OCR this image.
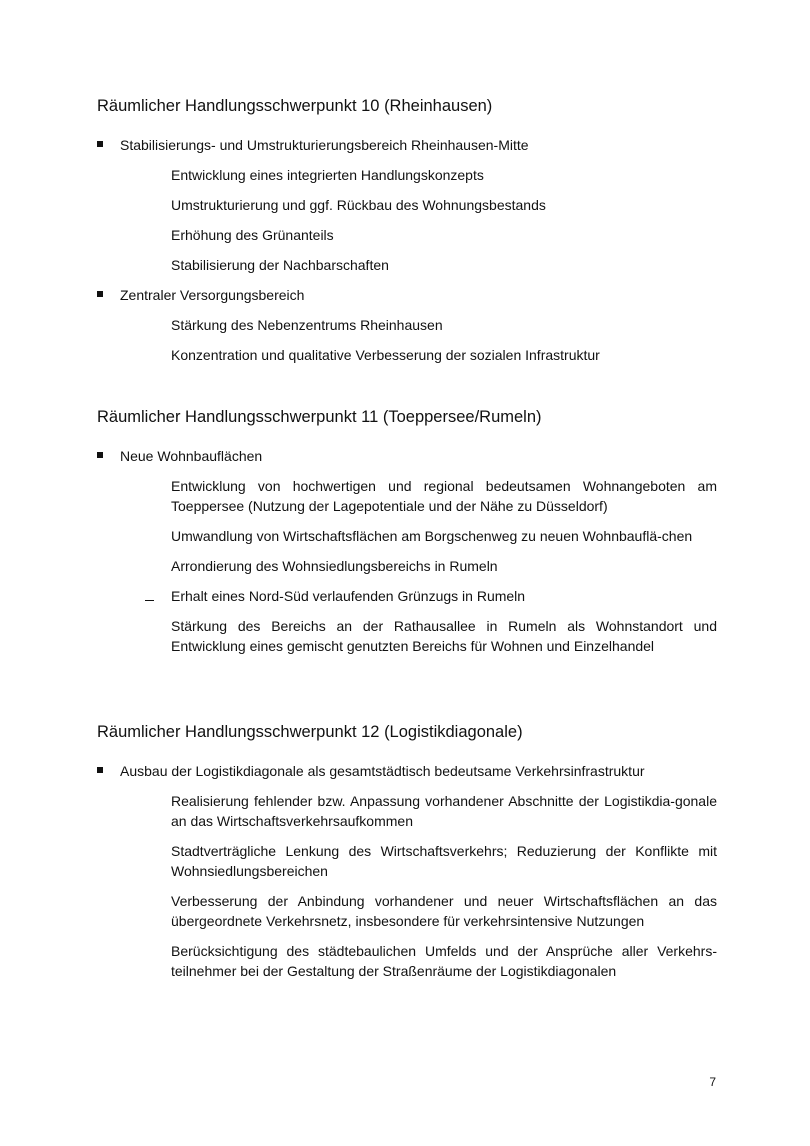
Räumlicher Handlungsschwerpunkt 10 (Rheinhausen)
Stabilisierungs- und Umstrukturierungsbereich Rheinhausen-Mitte
Entwicklung eines integrierten Handlungskonzepts
Umstrukturierung und ggf. Rückbau des Wohnungsbestands
Erhöhung des Grünanteils
Stabilisierung der Nachbarschaften
Zentraler Versorgungsbereich
Stärkung des Nebenzentrums Rheinhausen
Konzentration und qualitative Verbesserung der sozialen Infrastruktur
Räumlicher Handlungsschwerpunkt 11 (Toeppersee/Rumeln)
Neue Wohnbauflächen
Entwicklung von hochwertigen und regional bedeutsamen Wohnangeboten am Toeppersee (Nutzung der Lagepotentiale und der Nähe zu Düsseldorf)
Umwandlung von Wirtschaftsflächen am Borgschenweg zu neuen Wohnbauflä-chen
Arrondierung des Wohnsiedlungsbereichs in Rumeln
Erhalt eines Nord-Süd verlaufenden Grünzugs in Rumeln
Stärkung des Bereichs an der Rathausallee in Rumeln als Wohnstandort und Entwicklung eines gemischt genutzten Bereichs für Wohnen und Einzelhandel
Räumlicher Handlungsschwerpunkt 12 (Logistikdiagonale)
Ausbau der Logistikdiagonale als gesamtstädtisch bedeutsame Verkehrsinfrastruktur
Realisierung fehlender bzw. Anpassung vorhandener Abschnitte der Logistikdia-gonale an das Wirtschaftsverkehrsaufkommen
Stadtverträgliche Lenkung des Wirtschaftsverkehrs; Reduzierung der Konflikte mit Wohnsiedlungsbereichen
Verbesserung der Anbindung vorhandener und neuer Wirtschaftsflächen an das übergeordnete Verkehrsnetz, insbesondere für verkehrsintensive Nutzungen
Berücksichtigung des städtebaulichen Umfelds und der Ansprüche aller Verkehrs-teilnehmer bei der Gestaltung der Straßenräume der Logistikdiagonalen
7
